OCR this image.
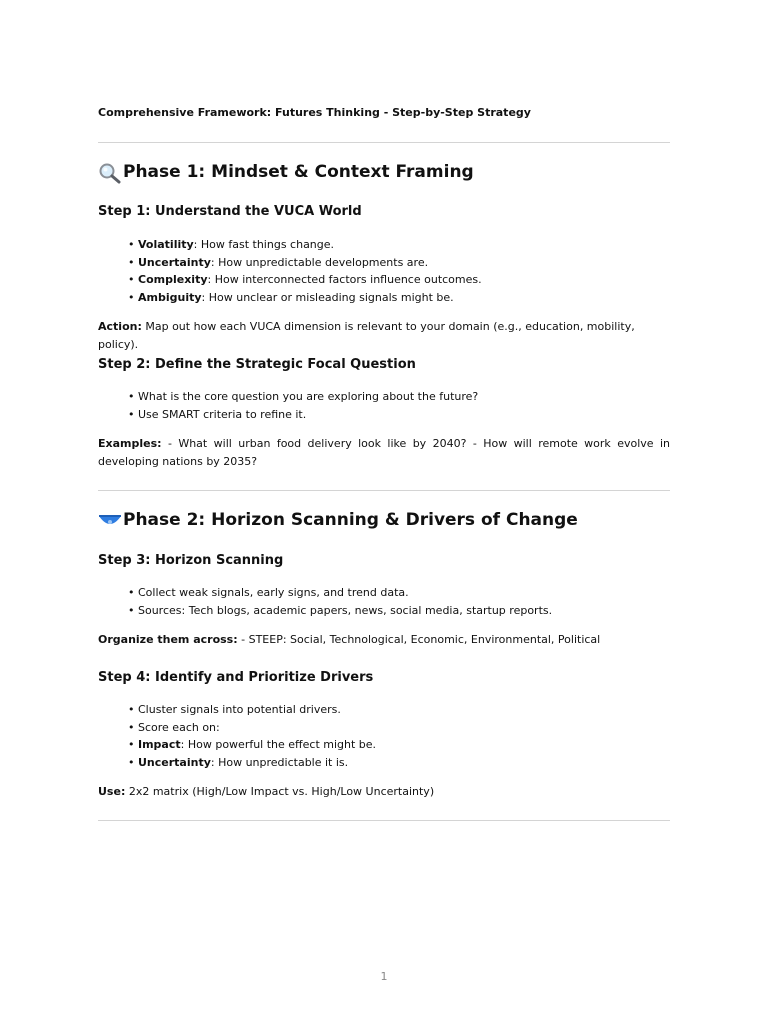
Comprehensive Framework: Futures Thinking - Step-by-Step Strategy
Phase 1: Mindset & Context Framing
Step 1: Understand the VUCA World
• Volatility: How fast things change.
• Uncertainty: How unpredictable developments are.
• Complexity: How interconnected factors influence outcomes.
• Ambiguity: How unclear or misleading signals might be.
Action: Map out how each VUCA dimension is relevant to your domain (e.g., education, mobility, policy).
Step 2: Define the Strategic Focal Question
• What is the core question you are exploring about the future?
• Use SMART criteria to refine it.
Examples: - What will urban food delivery look like by 2040? - How will remote work evolve in developing nations by 2035?
Phase 2: Horizon Scanning & Drivers of Change
Step 3: Horizon Scanning
• Collect weak signals, early signs, and trend data.
• Sources: Tech blogs, academic papers, news, social media, startup reports.
Organize them across: - STEEP: Social, Technological, Economic, Environmental, Political
Step 4: Identify and Prioritize Drivers
• Cluster signals into potential drivers.
• Score each on:
• Impact: How powerful the effect might be.
• Uncertainty: How unpredictable it is.
Use: 2x2 matrix (High/Low Impact vs. High/Low Uncertainty)
1
